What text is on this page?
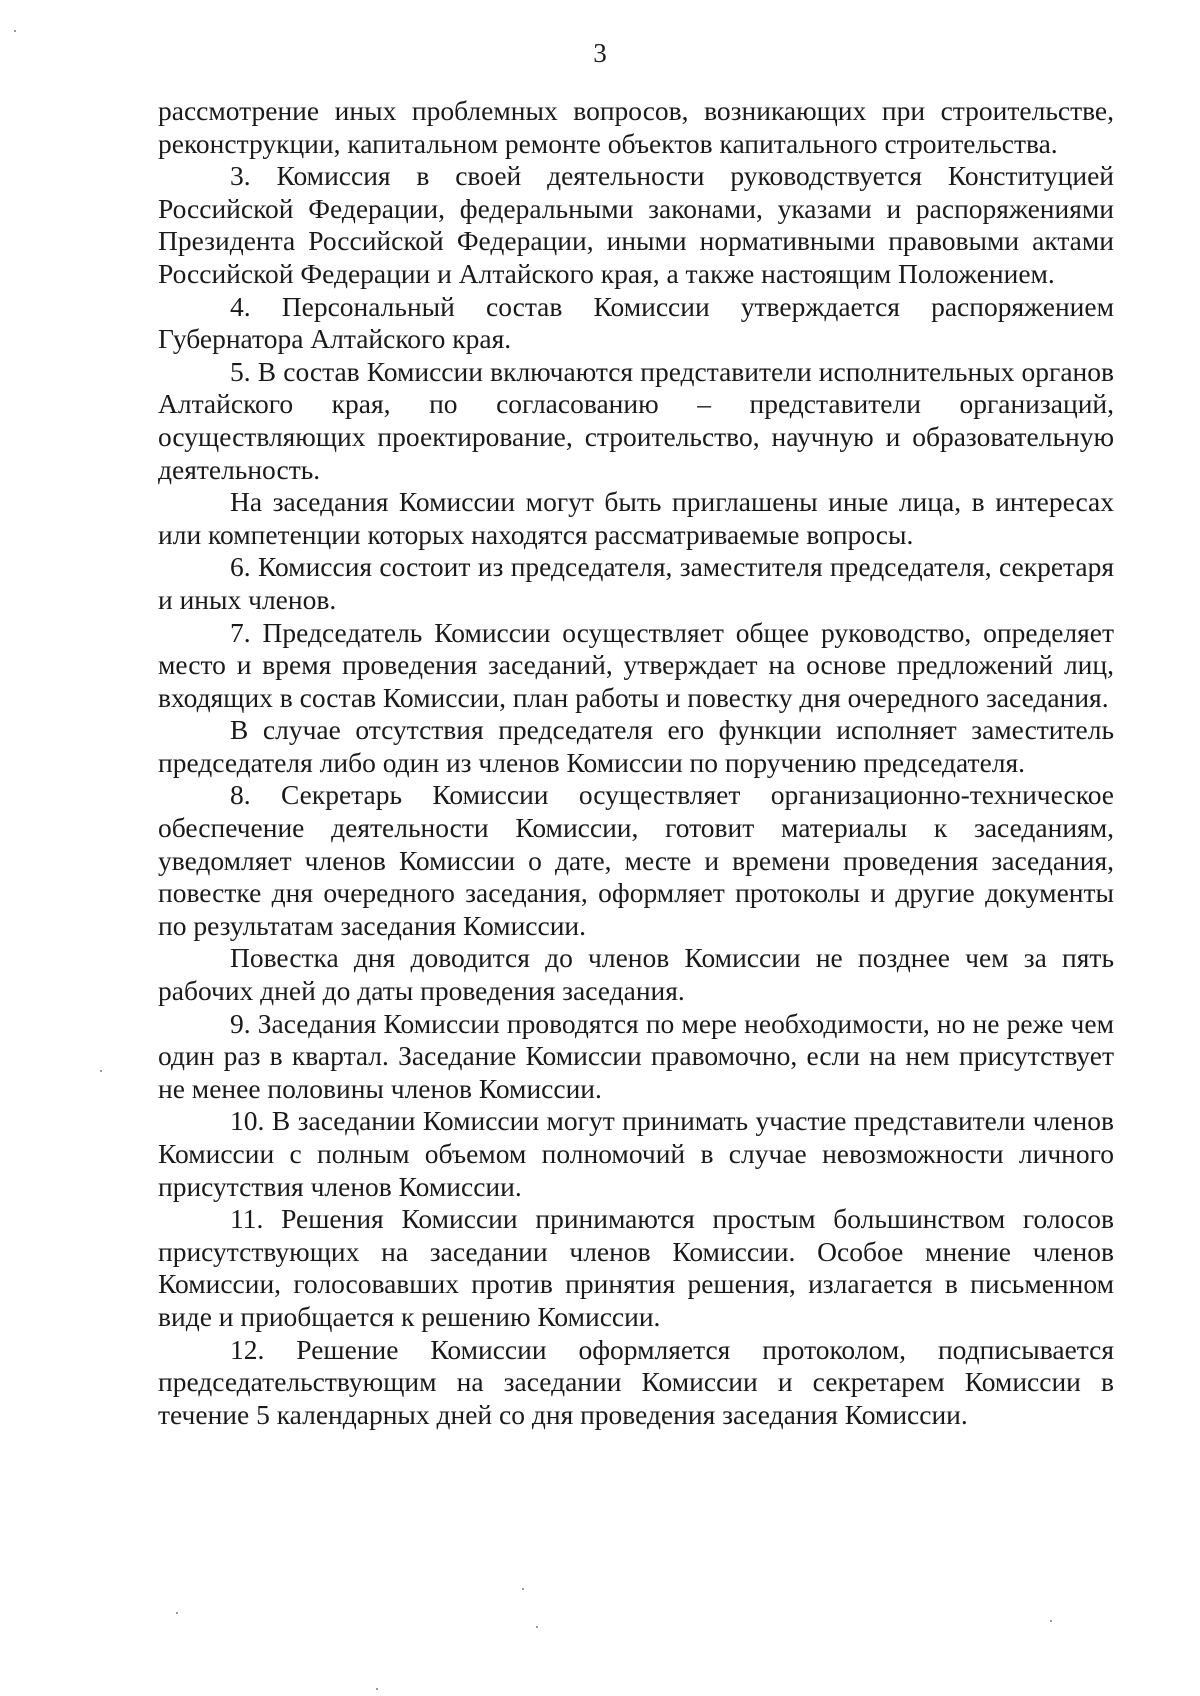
3

рассмотрение иных проблемных вопросов, возникающих при строительстве, реконструкции, капитальном ремонте объектов капитального строительства.

3. Комиссия в своей деятельности руководствуется Конституцией Российской Федерации, федеральными законами, указами и распоряжениями Президента Российской Федерации, иными нормативными правовыми актами Российской Федерации и Алтайского края, а также настоящим Положением.

4. Персональный состав Комиссии утверждается распоряжением Губернатора Алтайского края.

5. В состав Комиссии включаются представители исполнительных органов Алтайского края, по согласованию – представители организаций, осуществляющих проектирование, строительство, научную и образовательную деятельность.

На заседания Комиссии могут быть приглашены иные лица, в интересах или компетенции которых находятся рассматриваемые вопросы.

6. Комиссия состоит из председателя, заместителя председателя, секретаря и иных членов.

7. Председатель Комиссии осуществляет общее руководство, определяет место и время проведения заседаний, утверждает на основе предложений лиц, входящих в состав Комиссии, план работы и повестку дня очередного заседания.

В случае отсутствия председателя его функции исполняет заместитель председателя либо один из членов Комиссии по поручению председателя.

8. Секретарь Комиссии осуществляет организационно-техническое обеспечение деятельности Комиссии, готовит материалы к заседаниям, уведомляет членов Комиссии о дате, месте и времени проведения заседания, повестке дня очередного заседания, оформляет протоколы и другие документы по результатам заседания Комиссии.

Повестка дня доводится до членов Комиссии не позднее чем за пять рабочих дней до даты проведения заседания.

9. Заседания Комиссии проводятся по мере необходимости, но не реже чем один раз в квартал. Заседание Комиссии правомочно, если на нем присутствует не менее половины членов Комиссии.

10. В заседании Комиссии могут принимать участие представители членов Комиссии с полным объемом полномочий в случае невозможности личного присутствия членов Комиссии.

11. Решения Комиссии принимаются простым большинством голосов присутствующих на заседании членов Комиссии. Особое мнение членов Комиссии, голосовавших против принятия решения, излагается в письменном виде и приобщается к решению Комиссии.

12. Решение Комиссии оформляется протоколом, подписывается председательствующим на заседании Комиссии и секретарем Комиссии в течение 5 календарных дней со дня проведения заседания Комиссии.
